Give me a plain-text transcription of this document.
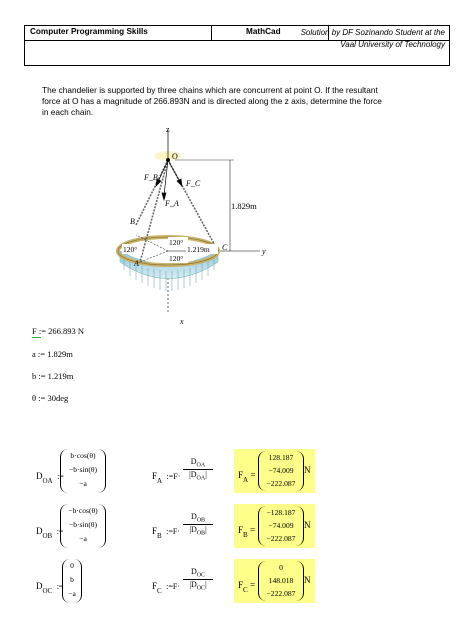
Computer Programming Skills	MathCad	Solution by DF Sozinando Student at the
Vaal University of Technology
The chandelier is supported by three chains which are concurrent at point O. If the resultant force at O has a magnitude of 266.893N and is directed along the z axis, determine the force in each chain.
z
O
F_B
F_C
F_A	1.829m
B
C
A
y
x
120°
120°
120°
1.219m
F := 266.893 N
a := 1.829m
b := 1.219m
θ := 30deg
$D_{OA}$ :=
b·cos(θ)
−b·sin(θ)
−a
$F_A$ :=F·
$D_{OA}$
$|D_{OA}|$	$F_A$ =
128.187
−74.009
−222.087
N
$D_{OB}$ :=
−b·cos(θ)
−b·sin(θ)
−a
$F_B$ :=F·
$D_{OB}$
$|D_{OB}|$	$F_B$ =
−128.187
−74.009
−222.087
N
$D_{OC}$ :=
0
b
−a
$F_C$ :=F·
$D_{OC}$
$|D_{OC}|$	$F_C$ =
0
148.018
−222.087
N
